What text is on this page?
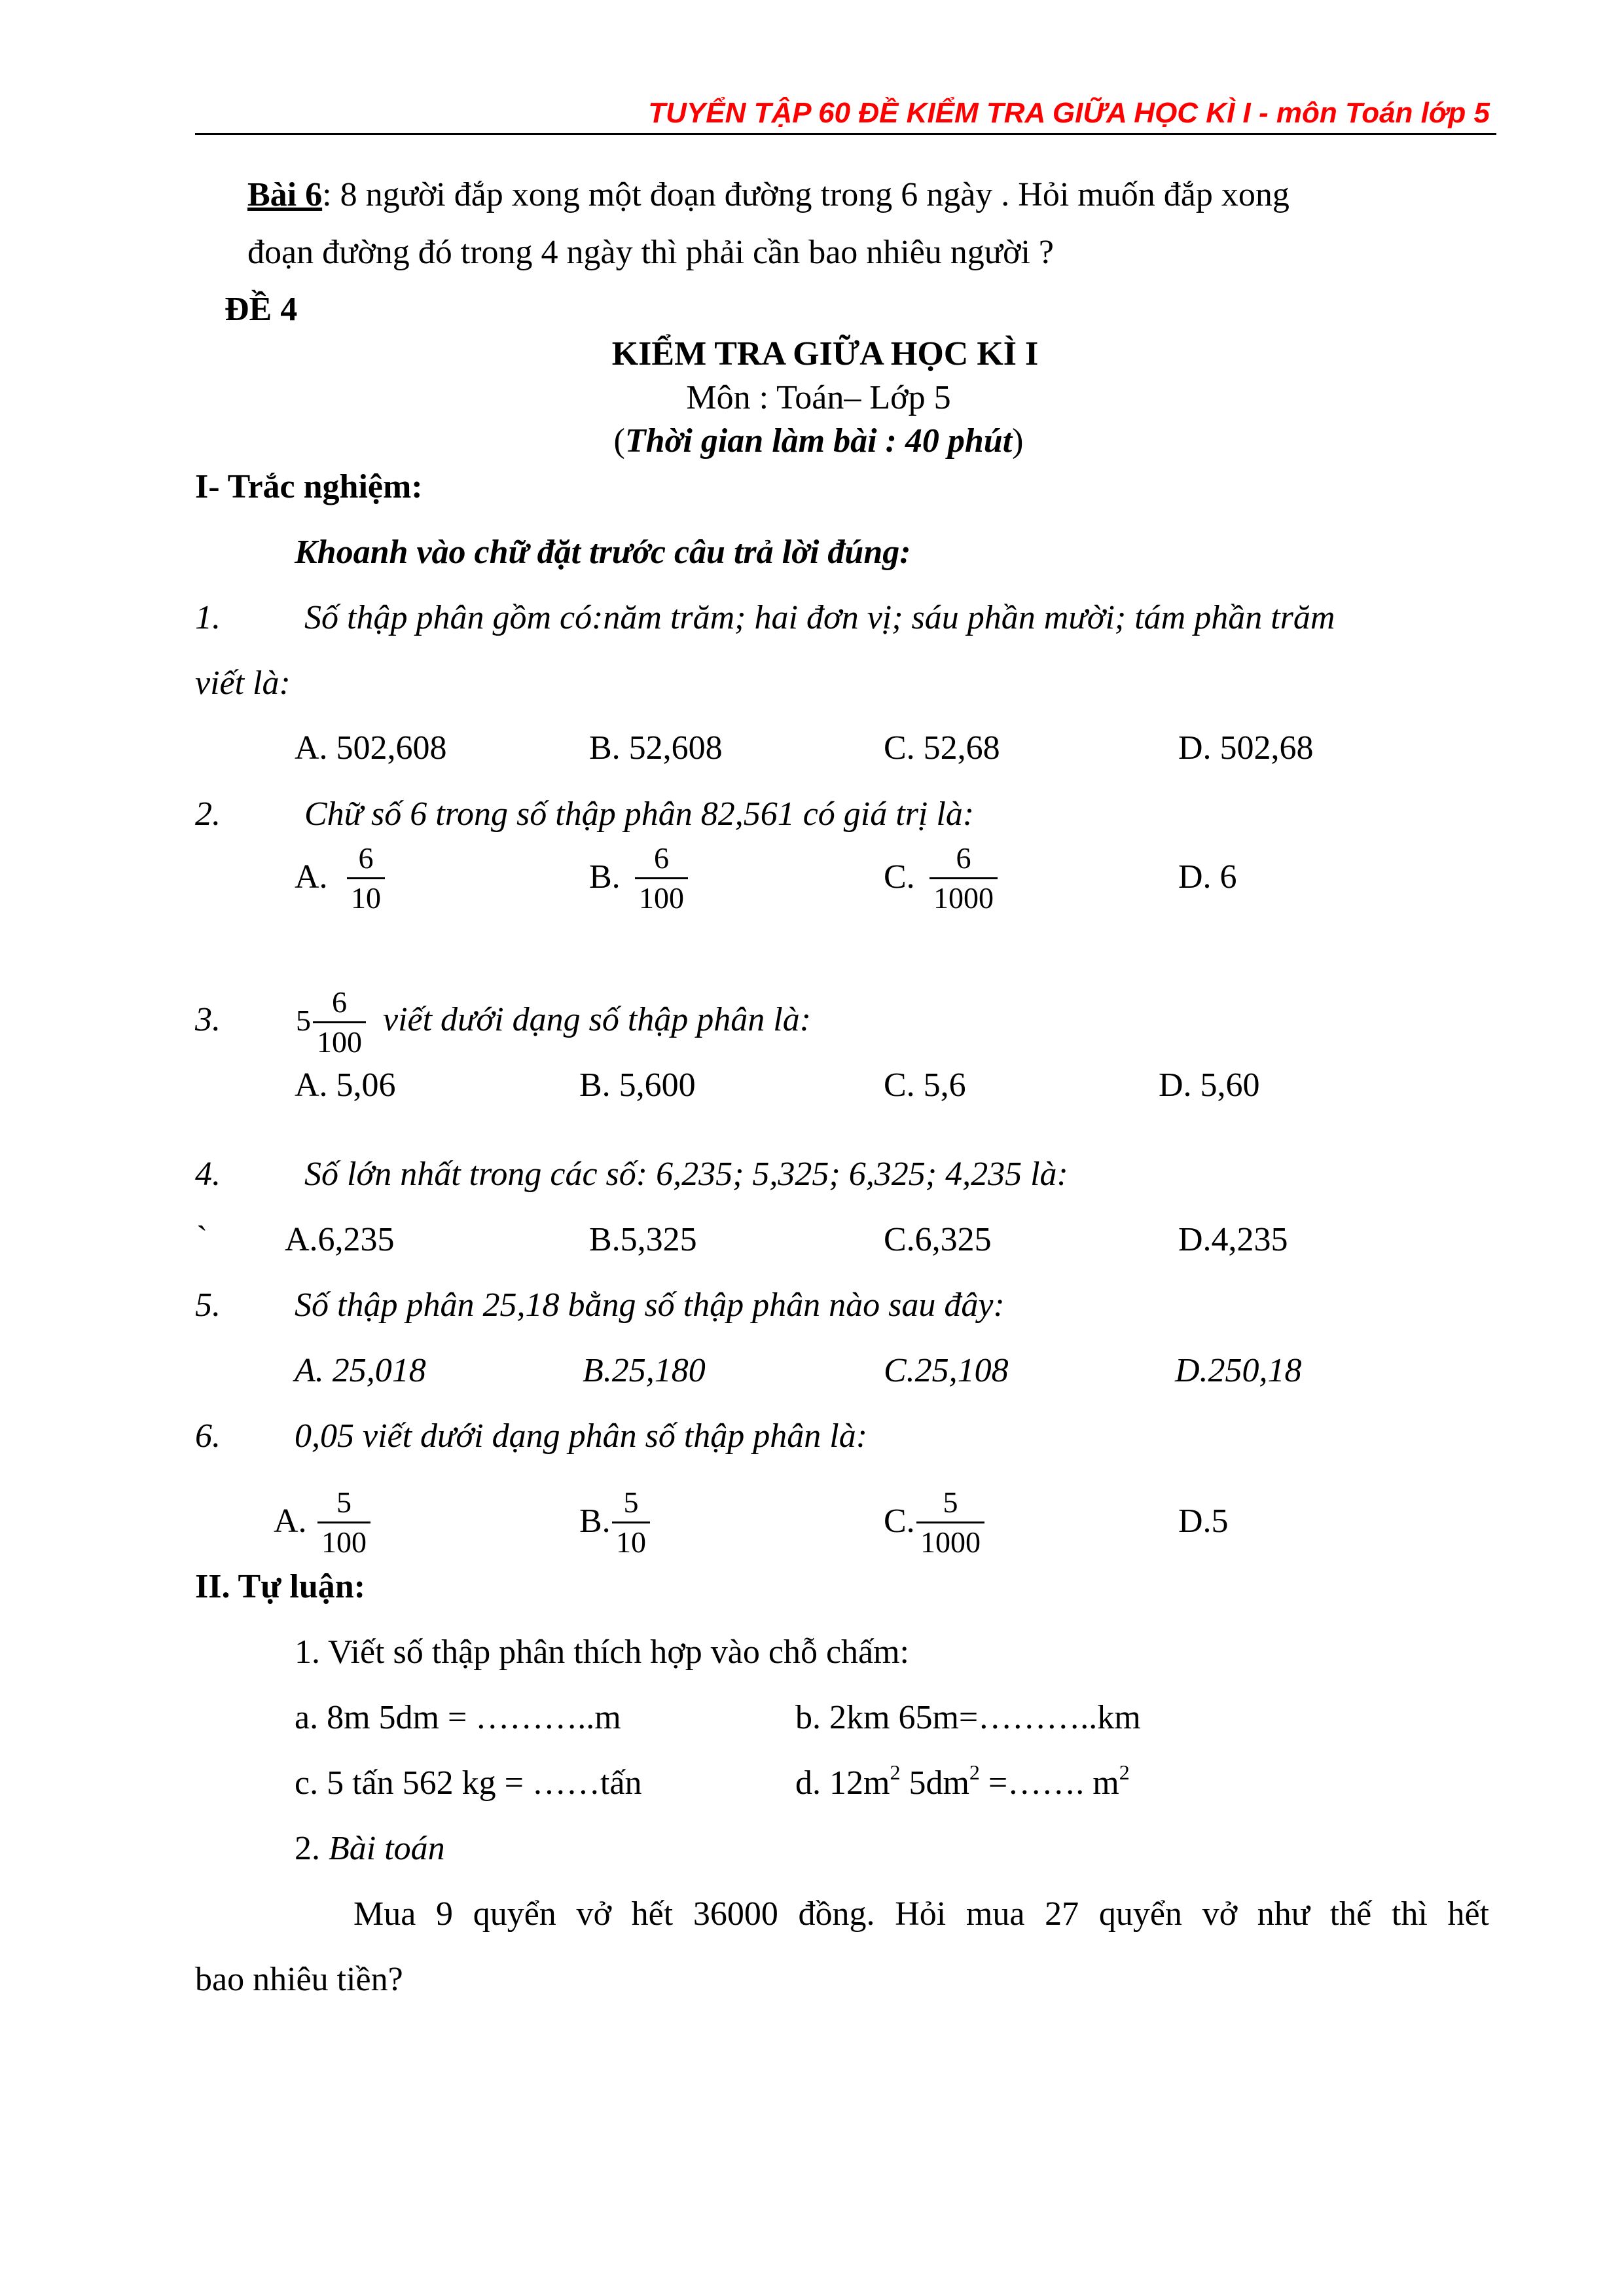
TUYỂN TẬP 60 ĐỀ KIỂM TRA GIỮA HỌC KÌ I - môn Toán lớp 5
Bài 6: 8 người đắp xong một đoạn đường trong 6 ngày . Hỏi muốn đắp xong
đoạn đường đó trong 4 ngày thì phải cần bao nhiêu người ?
ĐỀ 4
KIỂM TRA GIỮA HỌC KÌ I
Môn : Toán– Lớp 5
(Thời gian làm bài : 40 phút)
I- Trắc nghiệm:
Khoanh vào chữ đặt trước câu trả lời đúng:
1. Số thập phân gồm có:năm trăm; hai đơn vị; sáu phần mười; tám phần trăm
viết là:
A. 502,608	B. 52,608	C. 52,68	D. 502,68
2. Chữ số 6 trong số thập phân 82,561 có giá trị là:
A.
6
10
B.
6
100
C.
6
1000
D. 6
3.	5
6
100
viết dưới dạng số thập phân là:
A. 5,06	B. 5,600	C. 5,6	D. 5,60
4. Số lớn nhất trong các số: 6,235; 5,325; 6,325; 4,235 là:
` A.6,235	B.5,325	C.6,325	D.4,235
5. Số thập phân 25,18 bằng số thập phân nào sau đây:
A. 25,018	B.25,180	C.25,108	D.250,18
6. 0,05 viết dưới dạng phân số thập phân là:
A.
5
100
B.
5
10
C.
5
1000
D.5
II. Tự luận:
1. Viết số thập phân thích hợp vào chỗ chấm:
a. 8m 5dm = ………..m	b. 2km 65m=………..km
c. 5 tấn 562 kg = ……tấn	d. $12m^2$ $5dm^2$ =……. $m^2$
2. Bài toán
Mua 9 quyển vở hết 36000 đồng. Hỏi mua 27 quyển vở như thế thì hết
bao nhiêu tiền?
